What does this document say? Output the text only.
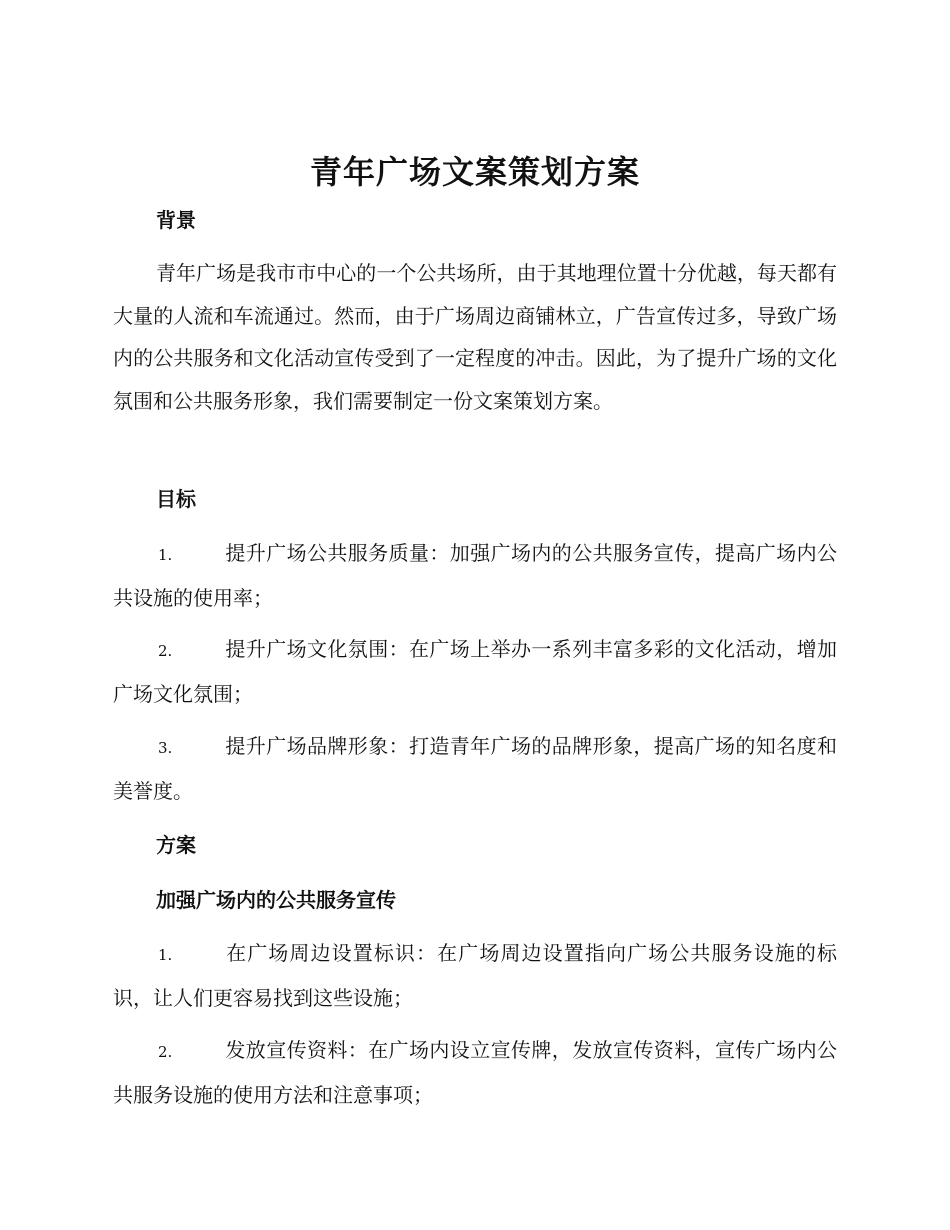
青年广场文案策划方案
背景

青年广场是我市市中心的一个公共场所，由于其地理位置十分优越，每天都有大量的人流和车流通过。然而，由于广场周边商铺林立，广告宣传过多，导致广场内的公共服务和文化活动宣传受到了一定程度的冲击。因此，为了提升广场的文化氛围和公共服务形象，我们需要制定一份文案策划方案。

目标

1.	提升广场公共服务质量：加强广场内的公共服务宣传，提高广场内公共设施的使用率；

2.	提升广场文化氛围：在广场上举办一系列丰富多彩的文化活动，增加广场文化氛围；

3.	提升广场品牌形象：打造青年广场的品牌形象，提高广场的知名度和美誉度。

方案
加强广场内的公共服务宣传

1.	在广场周边设置标识：在广场周边设置指向广场公共服务设施的标识，让人们更容易找到这些设施；

2.	发放宣传资料：在广场内设立宣传牌，发放宣传资料，宣传广场内公共服务设施的使用方法和注意事项；
